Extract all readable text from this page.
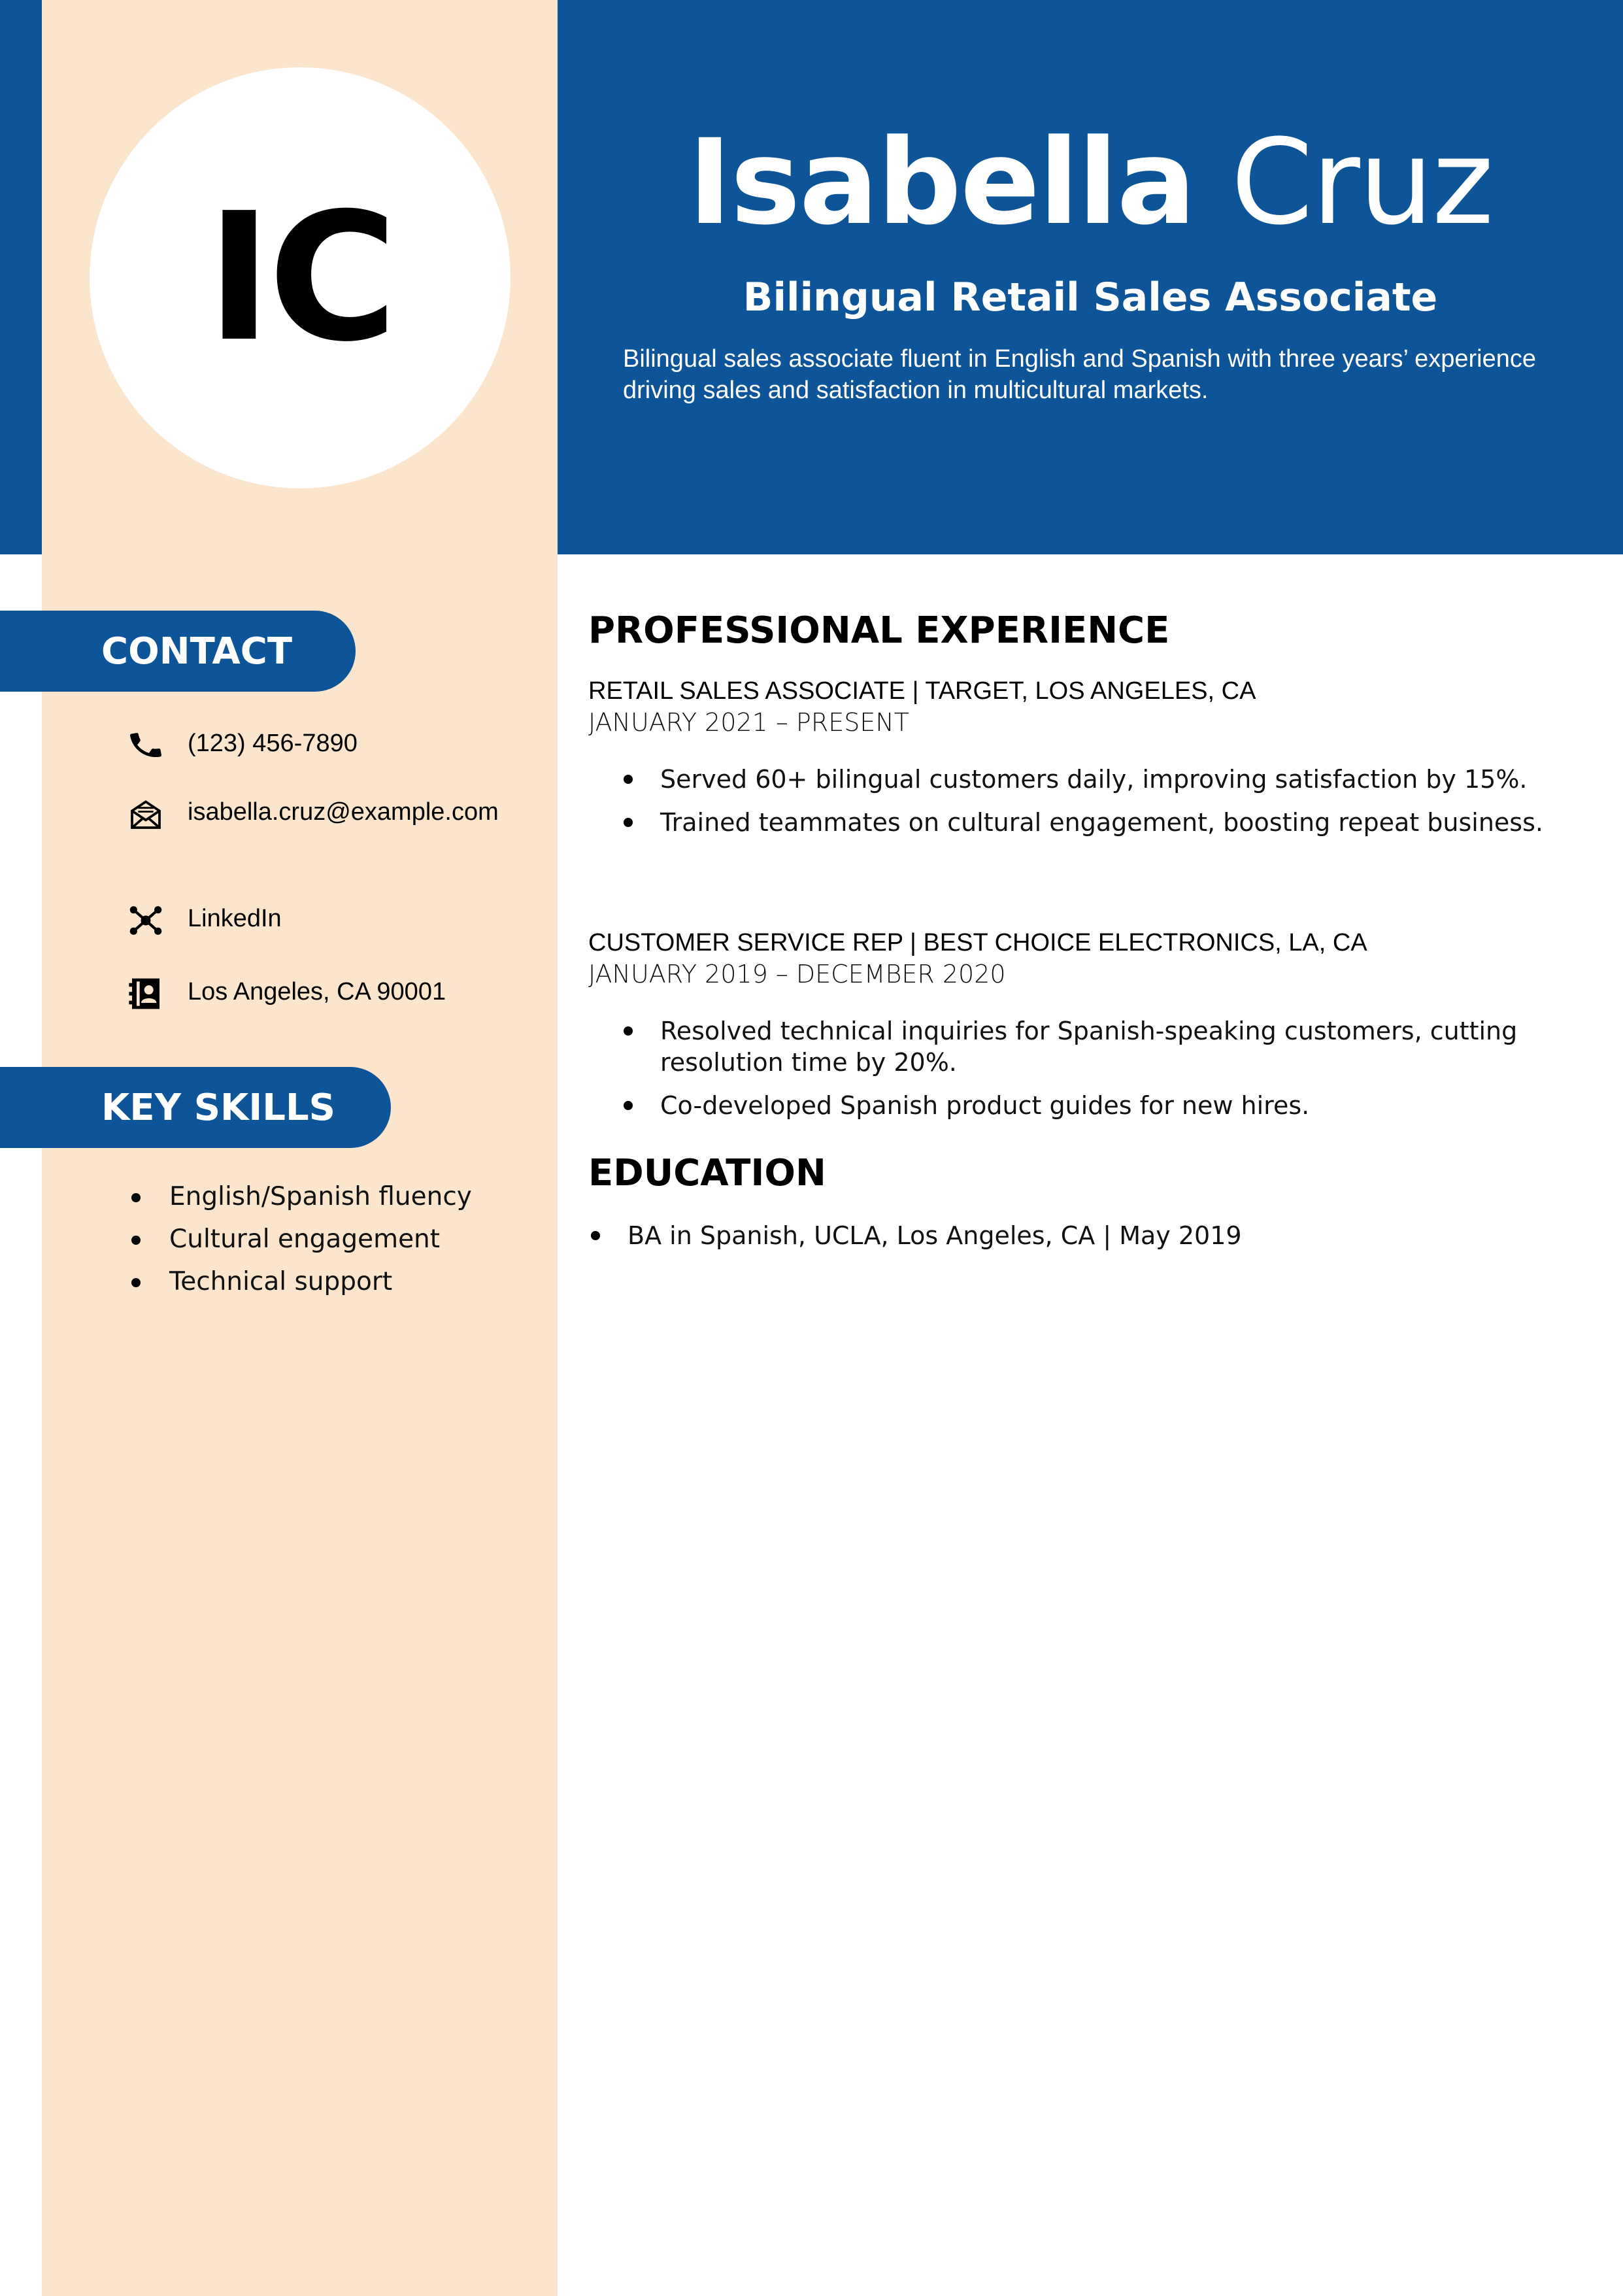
IC	Isabella Cruz
Bilingual Retail Sales Associate
Bilingual sales associate fluent in English and Spanish with three years’ experience driving sales and satisfaction in multicultural markets.
CONTACT
(123) 456-7890
isabella.cruz@example.com
LinkedIn
Los Angeles, CA 90001
KEY SKILLS
English/Spanish fluency
Cultural engagement
Technical support
PROFESSIONAL EXPERIENCE
RETAIL SALES ASSOCIATE | TARGET, LOS ANGELES, CA
JANUARY 2021 – PRESENT
Served 60+ bilingual customers daily, improving satisfaction by 15%.
Trained teammates on cultural engagement, boosting repeat business.
CUSTOMER SERVICE REP | BEST CHOICE ELECTRONICS, LA, CA
JANUARY 2019 – DECEMBER 2020
Resolved technical inquiries for Spanish-speaking customers, cutting resolution time by 20%.
Co-developed Spanish product guides for new hires.
EDUCATION
BA in Spanish, UCLA, Los Angeles, CA | May 2019
